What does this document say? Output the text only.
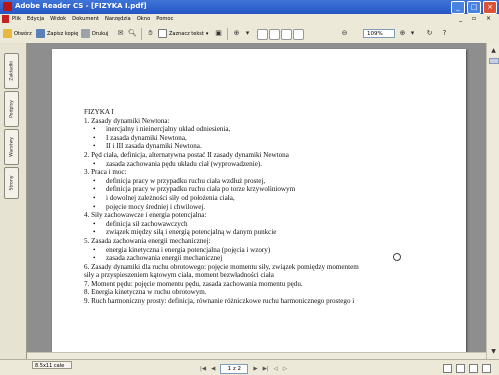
Adobe Reader CS - [FIZYKA I.pdf]	_	□	×
Plik Edycja Widok Dokument Narzędzia Okno Pomoc	_ ▫ ×
Otwórz	Zapisz kopię	Drukuj ✉ 🔍︎	✋︎	Zaznacz tekst ▾ ▣ ⊕ ▾	⊖	109%	⊕ ▾	↻	?
Zakładki
Podpisy
Warstwy
Strony
FIZYKA I
1. Zasady dynamiki Newtona:
• inercjalny i nieinercjalny układ odniesienia,
• I zasada dynamiki Newtona,
• II i III zasada dynamiki Newtona.
2. Pęd ciała, definicja, alternatywna postać II zasady dynamiki Newtona
• zasada zachowania pędu układu ciał (wyprowadzenie).
3. Praca i moc:
• definicja pracy w przypadku ruchu ciała wzdłuż prostej,
• definicja pracy w przypadku ruchu ciała po torze krzywoliniowym
• i dowolnej zależności siły od położenia ciała,
• pojęcie mocy średniej i chwilowej.
4. Siły zachowawcze i energia potencjalna:
• definicja sił zachowawczych
• związek między siłą i energią potencjalną w danym punkcie
5. Zasada zachowania energii mechanicznej:
• energia kinetyczna i energia potencjalna (pojęcia i wzory)
• zasada zachowania energii mechanicznej
6. Zasady dynamiki dla ruchu obrotowego: pojęcie momentu siły, związek pomiędzy momentem
siły a przyspieszeniem kątowym ciała, moment bezwładności ciała
7. Moment pędu: pojęcie momentu pędu, zasada zachowania momentu pędu.
8. Energia kinetyczna w ruchu obrotowym.
9. Ruch harmoniczny prosty: definicja, równanie różniczkowe ruchu harmonicznego prostego i
▲
▼
8.5x11 cale	|◀ ◀	1 z 2	▶ ▶| ◁ ▷
